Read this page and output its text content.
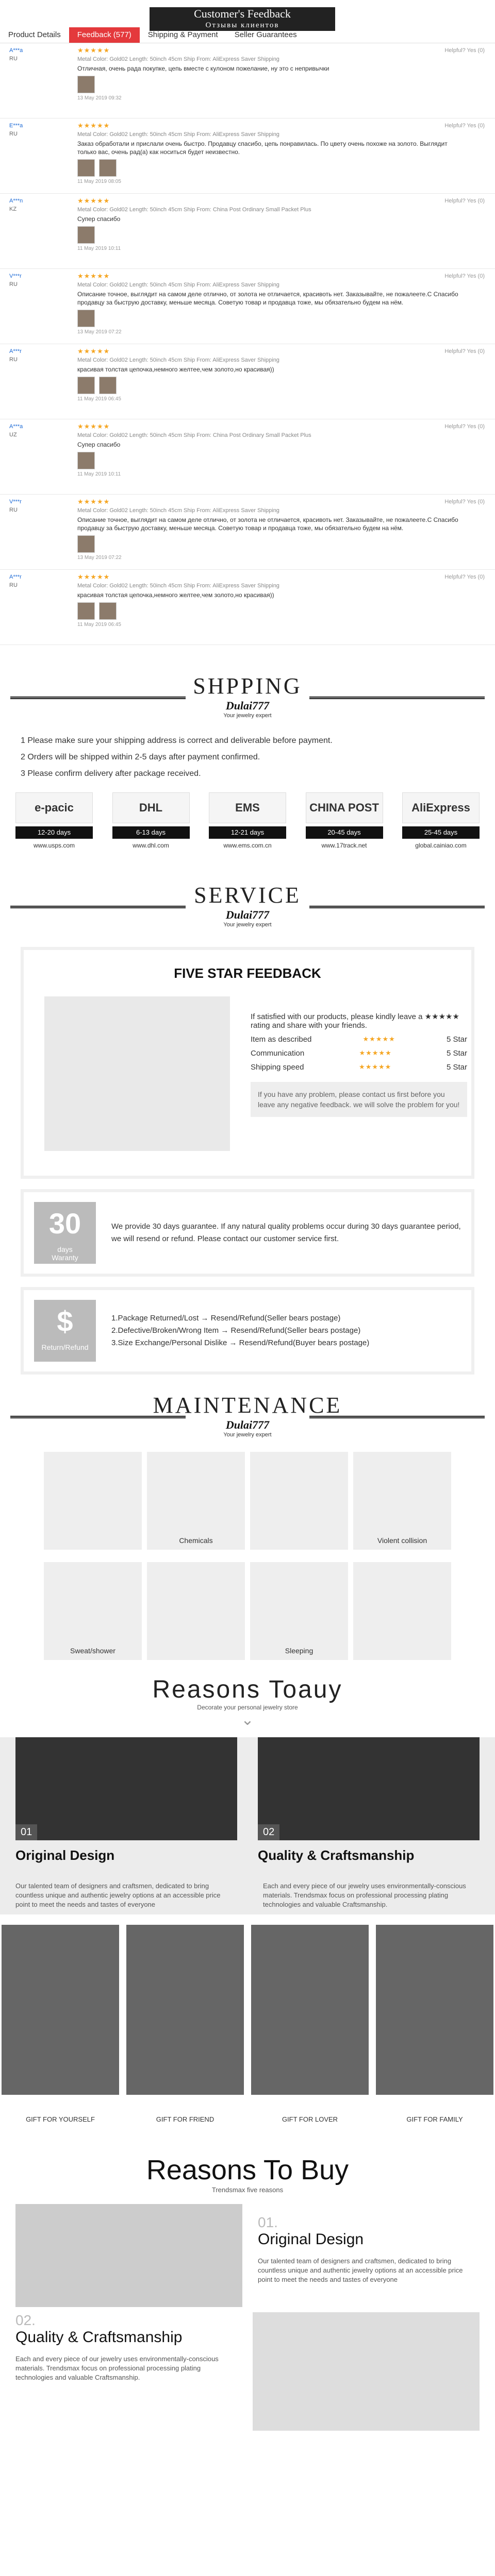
Customer's Feedback
Отзывы клиентов
Product Details	Feedback (577)	Shipping & Payment	Seller Guarantees
A***a
RU
★★★★★
Metal Color: Gold02 Length: 50inch 45cm Ship From: AliExpress Saver Shipping
Отличная, очень рада покупке, цепь вместе с кулоном пожелание, ну это с непривычки
13 May 2019 09:32
Helpful? Yes (0)
E***a
RU
★★★★★
Metal Color: Gold02 Length: 50inch 45cm Ship From: AliExpress Saver Shipping
Заказ обработали и прислали очень быстро. Продавцу спасибо, цепь понравилась. По цвету очень похоже на золото. Выглядит только вас, очень рад(а) как носиться будет неизвестно.
11 May 2019 08:05
Helpful? Yes (0)
A***n
KZ
★★★★★
Metal Color: Gold02 Length: 50inch 45cm Ship From: China Post Ordinary Small Packet Plus
Супер спасибо
11 May 2019 10:11
Helpful? Yes (0)
V***r
RU
★★★★★
Metal Color: Gold02 Length: 50inch 45cm Ship From: AliExpress Saver Shipping
Описание точное, выглядит на самом деле отлично, от золота не отличается, красивоть нет. Заказывайте, не пожалеете.С Спасибо продавцу за быструю доставку, меньше месяца. Советую товар и продавца тоже, мы обязательно будем на нём.
13 May 2019 07:22
Helpful? Yes (0)
A***r
RU
★★★★★
Metal Color: Gold02 Length: 50inch 45cm Ship From: AliExpress Saver Shipping
красивая толстая цепочка,немного желтее,чем золото,но красивая))
11 May 2019 06:45
Helpful? Yes (0)
A***a
UZ
★★★★★
Metal Color: Gold02 Length: 50inch 45cm Ship From: China Post Ordinary Small Packet Plus
Супер спасибо
11 May 2019 10:11
Helpful? Yes (0)
V***r
RU
★★★★★
Metal Color: Gold02 Length: 50inch 45cm Ship From: AliExpress Saver Shipping
Описание точное, выглядит на самом деле отлично, от золота не отличается, красивоть нет. Заказывайте, не пожалеете.С Спасибо продавцу за быструю доставку, меньше месяца. Советую товар и продавца тоже, мы обязательно будем на нём.
13 May 2019 07:22
Helpful? Yes (0)
A***r
RU
★★★★★
Metal Color: Gold02 Length: 50inch 45cm Ship From: AliExpress Saver Shipping
красивая толстая цепочка,немного желтее,чем золото,но красивая))
11 May 2019 06:45
Helpful? Yes (0)
SHPPING
Dulai777
Your jewelry expert
1 Please make sure your shipping address is correct and deliverable before payment.
2 Orders will be shipped within 2-5 days after payment confirmed.
3 Please confirm delivery after package received.
e-pacic
12-20 days
www.usps.com
DHL
6-13 days
www.dhl.com
EMS
12-21 days
www.ems.com.cn
CHINA POST
20-45 days
www.17track.net
AliExpress
25-45 days
global.cainiao.com
SERVICE
Dulai777
Your jewelry expert
FIVE STAR FEEDBACK
If satisfied with our products, please kindly leave a ★★★★★ rating and share with your friends.
Item as described	★★★★★	5 Star
Communication	★★★★★	5 Star
Shipping speed	★★★★★	5 Star
If you have any problem, please contact us first before you leave any negative feedback. we will solve the problem for you!
30
days
Waranty
We provide 30 days guarantee. If any natural quality problems occur during 30 days guarantee period, we will resend or refund. Please contact our customer service first.
$
Return/Refund
1.Package Returned/Lost → Resend/Refund(Seller bears postage)
2.Defective/Broken/Wrong Item → Resend/Refund(Seller bears postage)
3.Size Exchange/Personal Dislike → Resend/Refund(Buyer bears postage)
MAINTENANCE
Dulai777
Your jewelry expert
Chemicals	Violent collision
Sweat/shower	Sleeping
Reasons Toauy
Decorate your personal jewelry store
⌄
01
Original Design
02
Quality & Craftsmanship

Our talented team of designers and craftsmen, dedicated to bring countless unique and authentic jewelry options at an accessible price point to meet the needs and tastes of everyone

Each and every piece of our jewelry uses environmentally-conscious materials. Trendsmax focus on professional processing plating technologies and valuable Craftsmanship.

GIFT FOR YOURSELF	GIFT FOR FRIEND	GIFT FOR LOVER	GIFT FOR FAMILY
Reasons To Buy
Trendsmax five reasons
01.
Original Design
Our talented team of designers and craftsmen, dedicated to bring countless unique and authentic jewelry options at an accessible price point to meet the needs and tastes of everyone
02.
Quality & Craftsmanship
Each and every piece of our jewelry uses environmentally-conscious materials. Trendsmax focus on professional processing plating technologies and valuable Craftsmanship.
